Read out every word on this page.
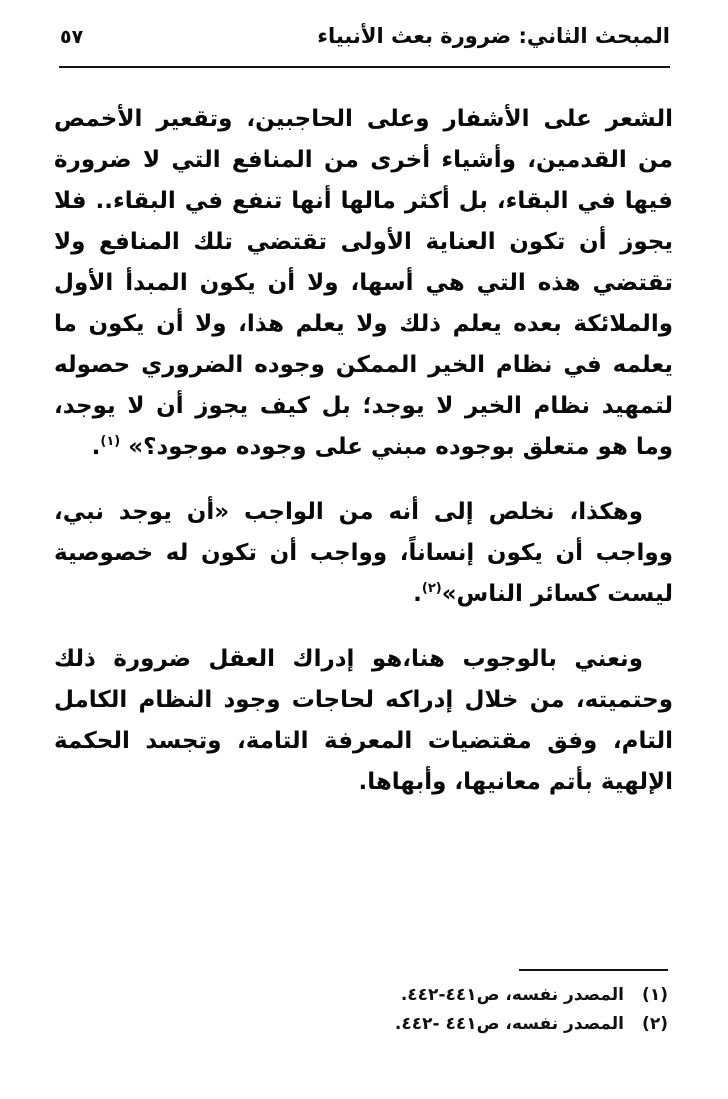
٥٧	المبحث الثاني: ضرورة بعث الأنبياء

الشعر على الأشفار وعلى الحاجبين، وتقعير الأخمص من القدمين، وأشياء أخرى من المنافع التي لا ضرورة فيها في البقاء، بل أكثر مالها أنها تنفع في البقاء.. فلا يجوز أن تكون العناية الأولى تقتضي تلك المنافع ولا تقتضي هذه التي هي أسها، ولا أن يكون المبدأ الأول والملائكة بعده يعلم ذلك ولا يعلم هذا، ولا أن يكون ما يعلمه في نظام الخير الممكن وجوده الضروري حصوله لتمهيد نظام الخير لا يوجد؛ بل كيف يجوز أن لا يوجد، وما هو متعلق بوجوده مبني على وجوده موجود؟» $^{(١)}$.

وهكذا، نخلص إلى أنه من الواجب «أن يوجد نبي، وواجب أن يكون إنساناً، وواجب أن تكون له خصوصية ليست كسائر الناس»$^{(٢)}$.

ونعني بالوجوب هنا،هو إدراك العقل ضرورة ذلك وحتميته، من خلال إدراكه لحاجات وجود النظام الكامل التام، وفق مقتضيات المعرفة التامة، وتجسد الحكمة الإلهية بأتم معانيها، وأبهاها.

(١)
المصدر نفسه، ص٤٤١-٤٤٢.
(٢)
المصدر نفسه، ص٤٤١ -٤٤٢.
